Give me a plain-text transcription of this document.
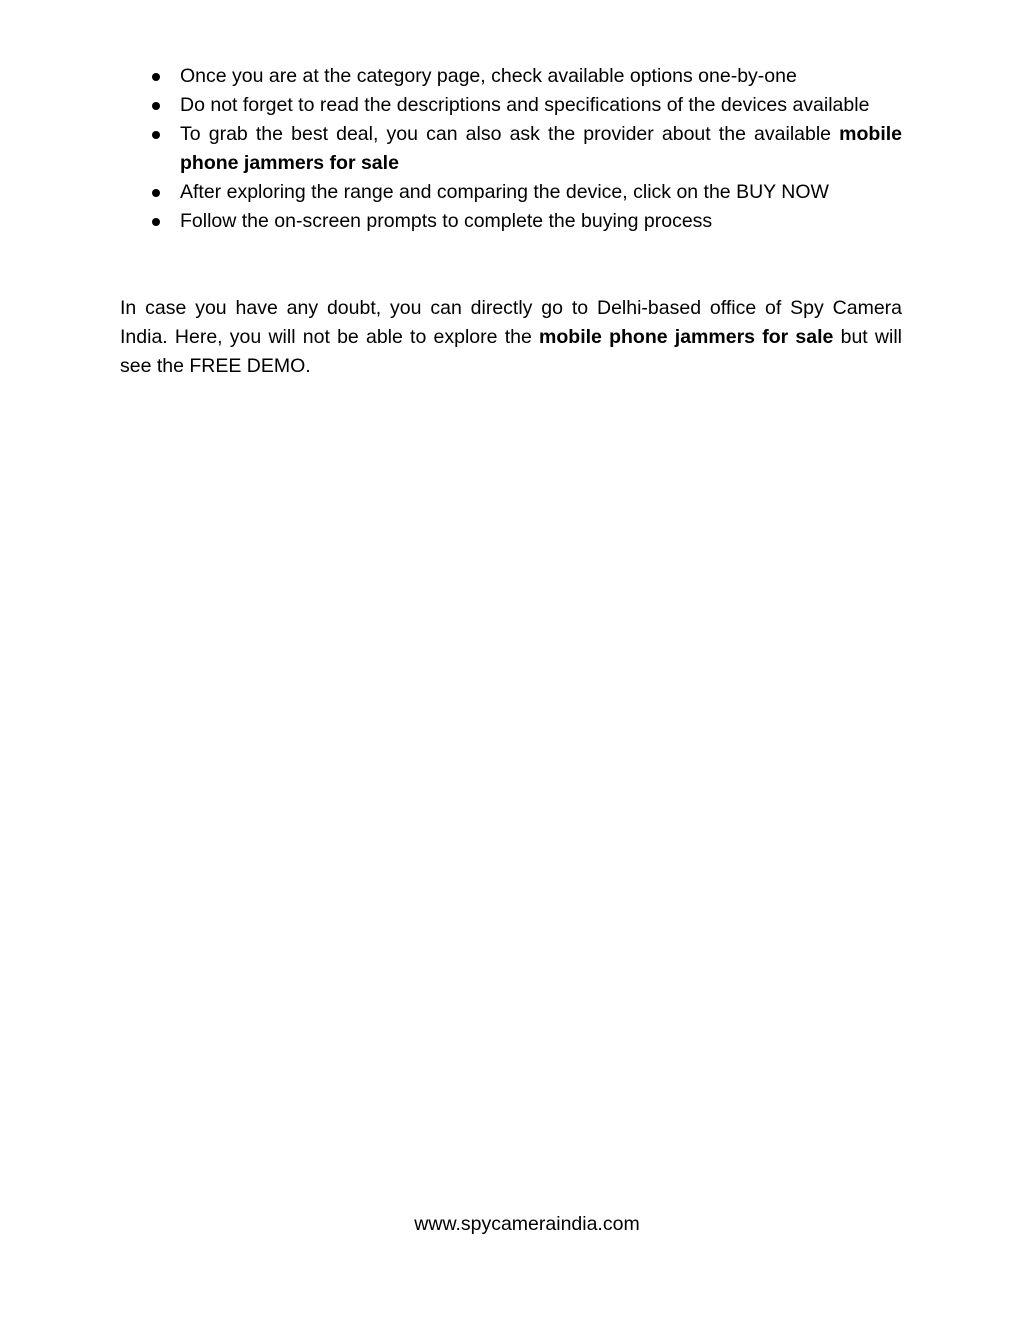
Once you are at the category page, check available options one-by-one
Do not forget to read the descriptions and specifications of the devices available
To grab the best deal, you can also ask the provider about the available mobile phone jammers for sale
After exploring the range and comparing the device, click on the BUY NOW
Follow the on-screen prompts to complete the buying process

In case you have any doubt, you can directly go to Delhi-based office of Spy Camera India. Here, you will not be able to explore the mobile phone jammers for sale but will see the FREE DEMO.

www.spycameraindia.com
